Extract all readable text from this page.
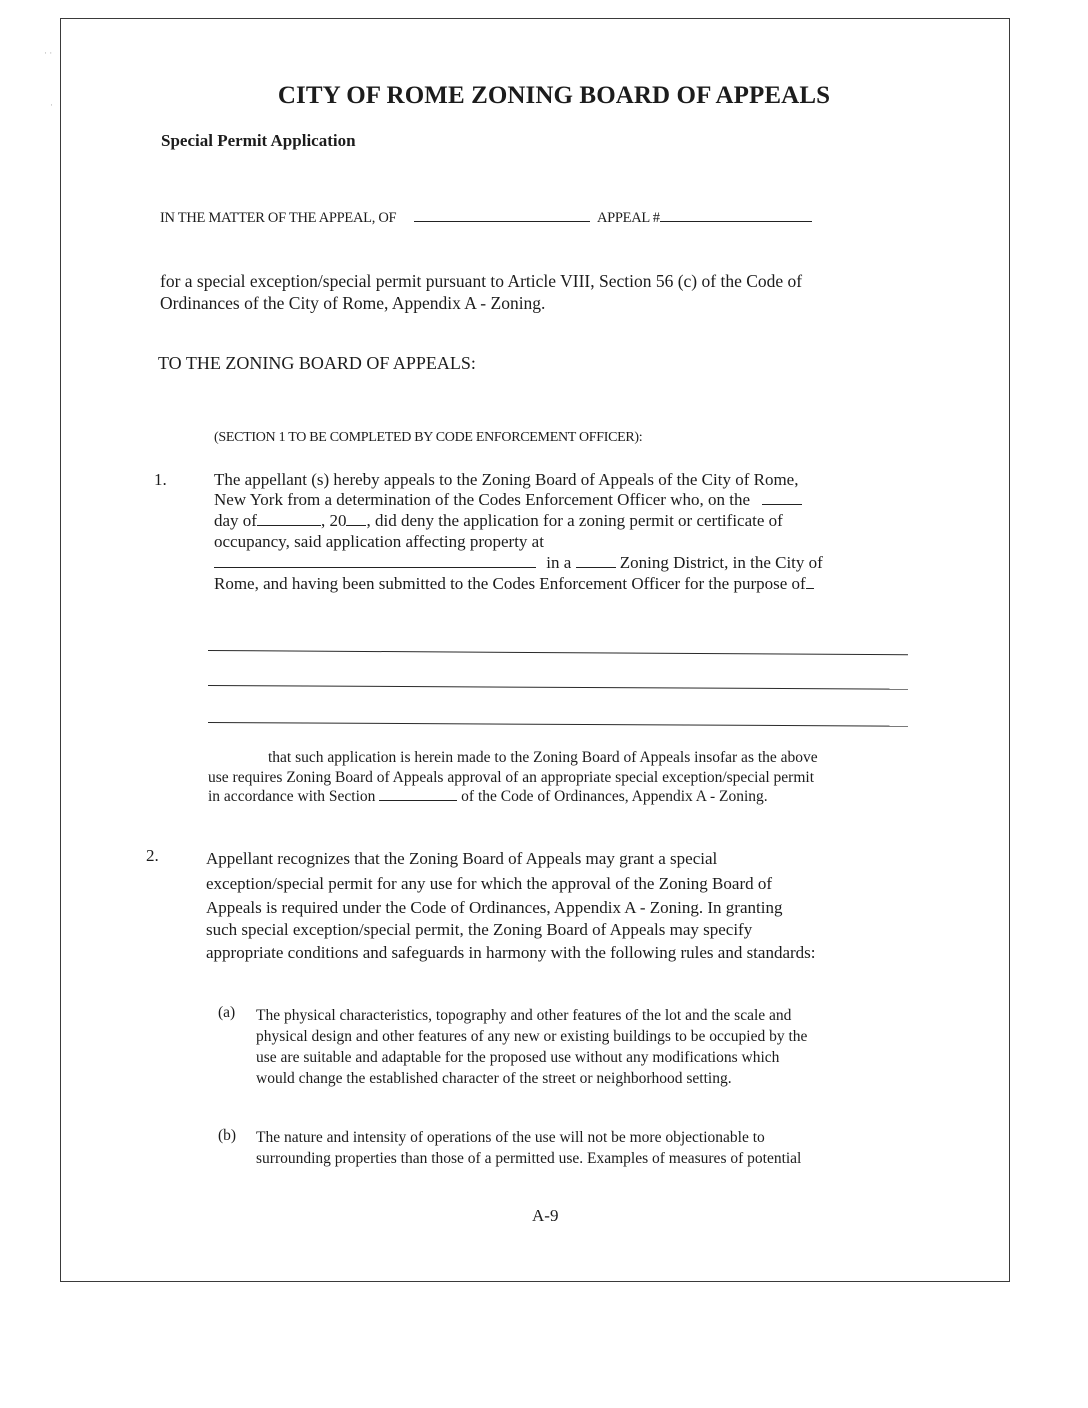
· ·
·	CITY OF ROME ZONING BOARD OF APPEALS
Special Permit Application
IN THE MATTER OF THE APPEAL, OF	APPEAL #
for a special exception/special permit pursuant to Article VIII, Section 56 (c) of the Code of
Ordinances of the City of Rome, Appendix A - Zoning.
TO THE ZONING BOARD OF APPEALS:
(SECTION 1 TO BE COMPLETED BY CODE ENFORCEMENT OFFICER):
1.	The appellant (s) hereby appeals to the Zoning Board of Appeals of the City of Rome,
New York from a determination of the Codes Enforcement Officer who, on the
day of	, 20 , did deny the application for a zoning permit or certificate of
occupancy, said application affecting property at
in a	Zoning District, in the City of
Rome, and having been submitted to the Codes Enforcement Officer for the purpose of
that such application is herein made to the Zoning Board of Appeals insofar as the above
use requires Zoning Board of Appeals approval of an appropriate special exception/special permit
in accordance with Section	of the Code of Ordinances, Appendix A - Zoning.
2.	Appellant recognizes that the Zoning Board of Appeals may grant a special
exception/special permit for any use for which the approval of the Zoning Board of
Appeals is required under the Code of Ordinances, Appendix A - Zoning. In granting
such special exception/special permit, the Zoning Board of Appeals may specify
appropriate conditions and safeguards in harmony with the following rules and standards:
(a) The physical characteristics, topography and other features of the lot and the scale and
physical design and other features of any new or existing buildings to be occupied by the
use are suitable and adaptable for the proposed use without any modifications which
would change the established character of the street or neighborhood setting.
(b) The nature and intensity of operations of the use will not be more objectionable to
surrounding properties than those of a permitted use. Examples of measures of potential
A-9
